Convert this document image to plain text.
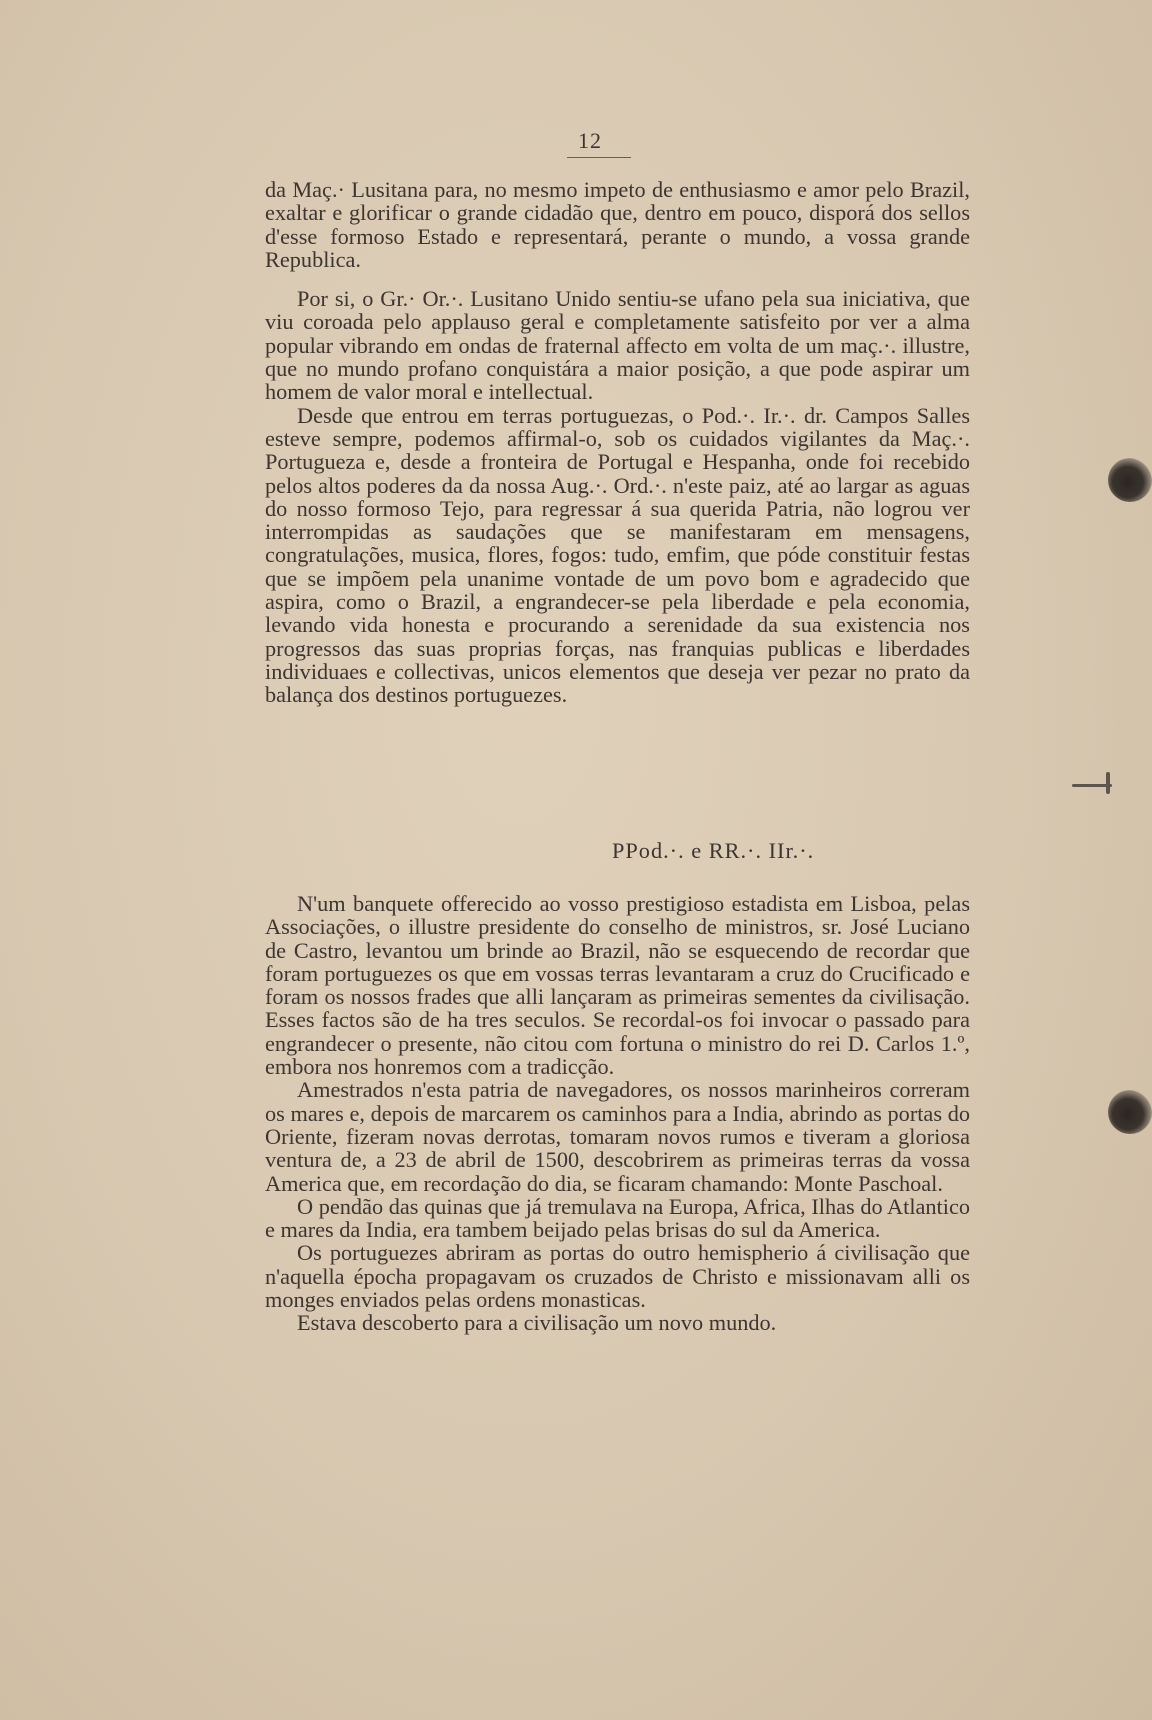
12

da Maç.· Lusitana para, no mesmo impeto de enthusiasmo e amor pelo Brazil, exaltar e glorificar o grande cidadão que, dentro em pouco, disporá dos sellos d'esse formoso Estado e representará, perante o mundo, a vossa grande Republica.

Por si, o Gr.· Or.·. Lusitano Unido sentiu-se ufano pela sua iniciativa, que viu coroada pelo applauso geral e completamente satisfeito por ver a alma popular vibrando em ondas de fraternal affecto em volta de um maç.·. illustre, que no mundo profano conquistára a maior posição, a que pode aspirar um homem de valor moral e intellectual.

Desde que entrou em terras portuguezas, o Pod.·. Ir.·. dr. Campos Salles esteve sempre, podemos affirmal-o, sob os cuidados vigilantes da Maç.·. Portugueza e, desde a fronteira de Portugal e Hespanha, onde foi recebido pelos altos poderes da da nossa Aug.·. Ord.·. n'este paiz, até ao largar as aguas do nosso formoso Tejo, para regressar á sua querida Patria, não logrou ver interrompidas as saudações que se manifestaram em mensagens, congratulações, musica, flores, fogos: tudo, emfim, que póde constituir festas que se impõem pela unanime vontade de um povo bom e agradecido que aspira, como o Brazil, a engrandecer-se pela liberdade e pela economia, levando vida honesta e procurando a serenidade da sua existencia nos progressos das suas proprias forças, nas franquias publicas e liberdades individuaes e collectivas, unicos elementos que deseja ver pezar no prato da balança dos destinos portuguezes.

PPod.·. e RR.·. IIr.·.

N'um banquete offerecido ao vosso prestigioso estadista em Lisboa, pelas Associações, o illustre presidente do conselho de ministros, sr. José Luciano de Castro, levantou um brinde ao Brazil, não se esquecendo de recordar que foram portuguezes os que em vossas terras levantaram a cruz do Crucificado e foram os nossos frades que alli lançaram as primeiras sementes da civilisação. Esses factos são de ha tres seculos. Se recordal-os foi invocar o passado para engrandecer o presente, não citou com fortuna o ministro do rei D. Carlos 1.º, embora nos honremos com a tradicção.

Amestrados n'esta patria de navegadores, os nossos marinheiros correram os mares e, depois de marcarem os caminhos para a India, abrindo as portas do Oriente, fizeram novas derrotas, tomaram novos rumos e tiveram a gloriosa ventura de, a 23 de abril de 1500, descobrirem as primeiras terras da vossa America que, em recordação do dia, se ficaram chamando: Monte Paschoal.

O pendão das quinas que já tremulava na Europa, Africa, Ilhas do Atlantico e mares da India, era tambem beijado pelas brisas do sul da America.

Os portuguezes abriram as portas do outro hemispherio á civilisação que n'aquella épocha propagavam os cruzados de Christo e missionavam alli os monges enviados pelas ordens monasticas.

Estava descoberto para a civilisação um novo mundo.
